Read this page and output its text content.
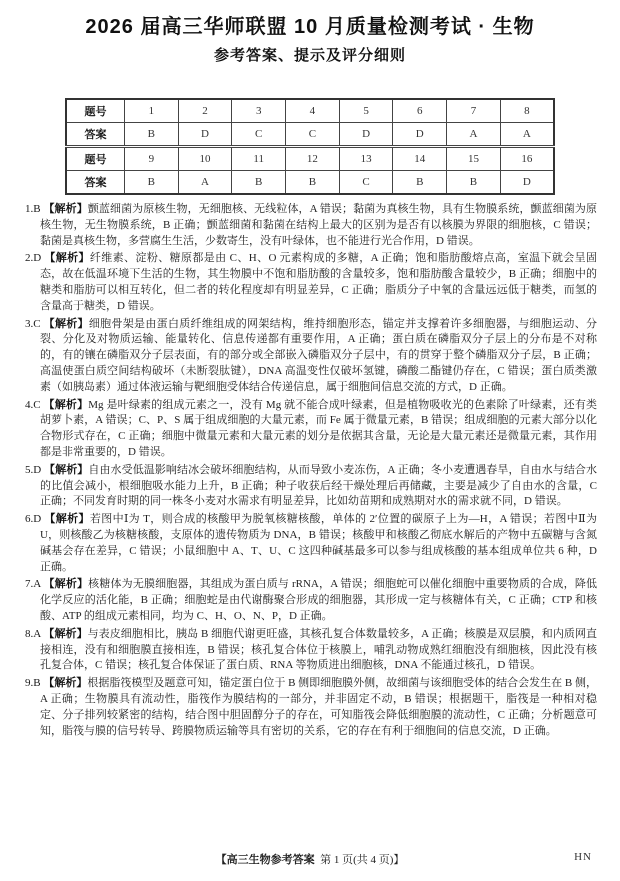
2026 届高三华师联盟 10 月质量检测考试 · 生物
参考答案、提示及评分细则
题号	1	2	3	4	5	6	7	8
答案	B	D	C	C	D	D	A	A
题号	9	10	11	12	13	14	15	16
答案	B	A	B	B	C	B	B	D

1.B 【解析】颤蓝细菌为原核生物，无细胞核、无线粒体，A 错误；黏菌为真核生物，具有生物膜系统，颤蓝细菌为原核生物，无生物膜系统，B 正确；颤蓝细菌和黏菌在结构上最大的区别为是否有以核膜为界限的细胞核，C 错误；黏菌是真核生物，多营腐生生活，少数寄生，没有叶绿体，也不能进行光合作用，D 错误。

2.D 【解析】纤维素、淀粉、糖原都是由 C、H、O 元素构成的多糖，A 正确；饱和脂肪酸熔点高，室温下就会呈固态，故在低温环境下生活的生物，其生物膜中不饱和脂肪酸的含量较多，饱和脂肪酸含量较少，B 正确；细胞中的糖类和脂肪可以相互转化，但二者的转化程度却有明显差异，C 正确；脂质分子中氧的含量远远低于糖类，而氢的含量高于糖类，D 错误。

3.C 【解析】细胞骨架是由蛋白质纤维组成的网架结构，维持细胞形态，锚定并支撑着许多细胞器，与细胞运动、分裂、分化及对物质运输、能量转化、信息传递都有重要作用，A 正确；蛋白质在磷脂双分子层上的分布是不对称的，有的镶在磷脂双分子层表面，有的部分或全部嵌入磷脂双分子层中，有的贯穿于整个磷脂双分子层，B 正确；高温使蛋白质空间结构破坏（未断裂肽键），DNA 高温变性仅破坏氢键，磷酸二酯键仍存在，C 错误；蛋白质类激素（如胰岛素）通过体液运输与靶细胞受体结合传递信息，属于细胞间信息交流的方式，D 正确。

4.C 【解析】Mg 是叶绿素的组成元素之一，没有 Mg 就不能合成叶绿素，但是植物吸收光的色素除了叶绿素，还有类胡萝卜素，A 错误；C、P、S 属于组成细胞的大量元素，而 Fe 属于微量元素，B 错误；组成细胞的元素大部分以化合物形式存在，C 正确；细胞中微量元素和大量元素的划分是依据其含量，无论是大量元素还是微量元素，其作用都是非常重要的，D 错误。

5.D 【解析】自由水受低温影响结冰会破坏细胞结构，从而导致小麦冻伤，A 正确；冬小麦遭遇春旱，自由水与结合水的比值会减小，根细胞吸水能力上升，B 正确；种子收获后经干燥处理后再储藏，主要是减少了自由水的含量，C 正确；不同发育时期的同一株冬小麦对水需求有明显差异，比如幼苗期和成熟期对水的需求就不同，D 错误。

6.D 【解析】若图中Ⅰ为 T，则合成的核酸甲为脱氧核糖核酸，单体的 2′位置的碳原子上为—H，A 错误；若图中Ⅱ为 U，则核酸乙为核糖核酸，支原体的遗传物质为 DNA，B 错误；核酸甲和核酸乙彻底水解后的产物中五碳糖与含氮碱基会存在差异，C 错误；小鼠细胞中 A、T、U、C 这四种碱基最多可以参与组成核酸的基本组成单位共 6 种，D 正确。

7.A 【解析】核糖体为无膜细胞器，其组成为蛋白质与 rRNA，A 错误；细胞蛇可以催化细胞中重要物质的合成，降低化学反应的活化能，B 正确；细胞蛇是由代谢酶聚合形成的细胞器，其形成一定与核糖体有关，C 正确；CTP 和核酸、ATP 的组成元素相同，均为 C、H、O、N、P，D 正确。

8.A 【解析】与表皮细胞相比，胰岛 B 细胞代谢更旺盛，其核孔复合体数量较多，A 正确；核膜是双层膜，和内质网直接相连，没有和细胞膜直接相连，B 错误；核孔复合体位于核膜上，哺乳动物成熟红细胞没有细胞核，因此没有核孔复合体，C 错误；核孔复合体保证了蛋白质、RNA 等物质进出细胞核，DNA 不能通过核孔，D 错误。

9.B 【解析】根据脂筏模型及题意可知，锚定蛋白位于 B 侧即细胞膜外侧，故细菌与该细胞受体的结合会发生在 B 侧，A 正确；生物膜具有流动性，脂筏作为膜结构的一部分，并非固定不动，B 错误；根据题干，脂筏是一种相对稳定、分子排列较紧密的结构，结合图中胆固醇分子的存在，可知脂筏会降低细胞膜的流动性，C 正确；分析题意可知，脂筏与膜的信号转导、跨膜物质运输等具有密切的关系，它的存在有利于细胞间的信息交流，D 正确。

【高三生物参考答案 第 1 页(共 4 页)】	HN
